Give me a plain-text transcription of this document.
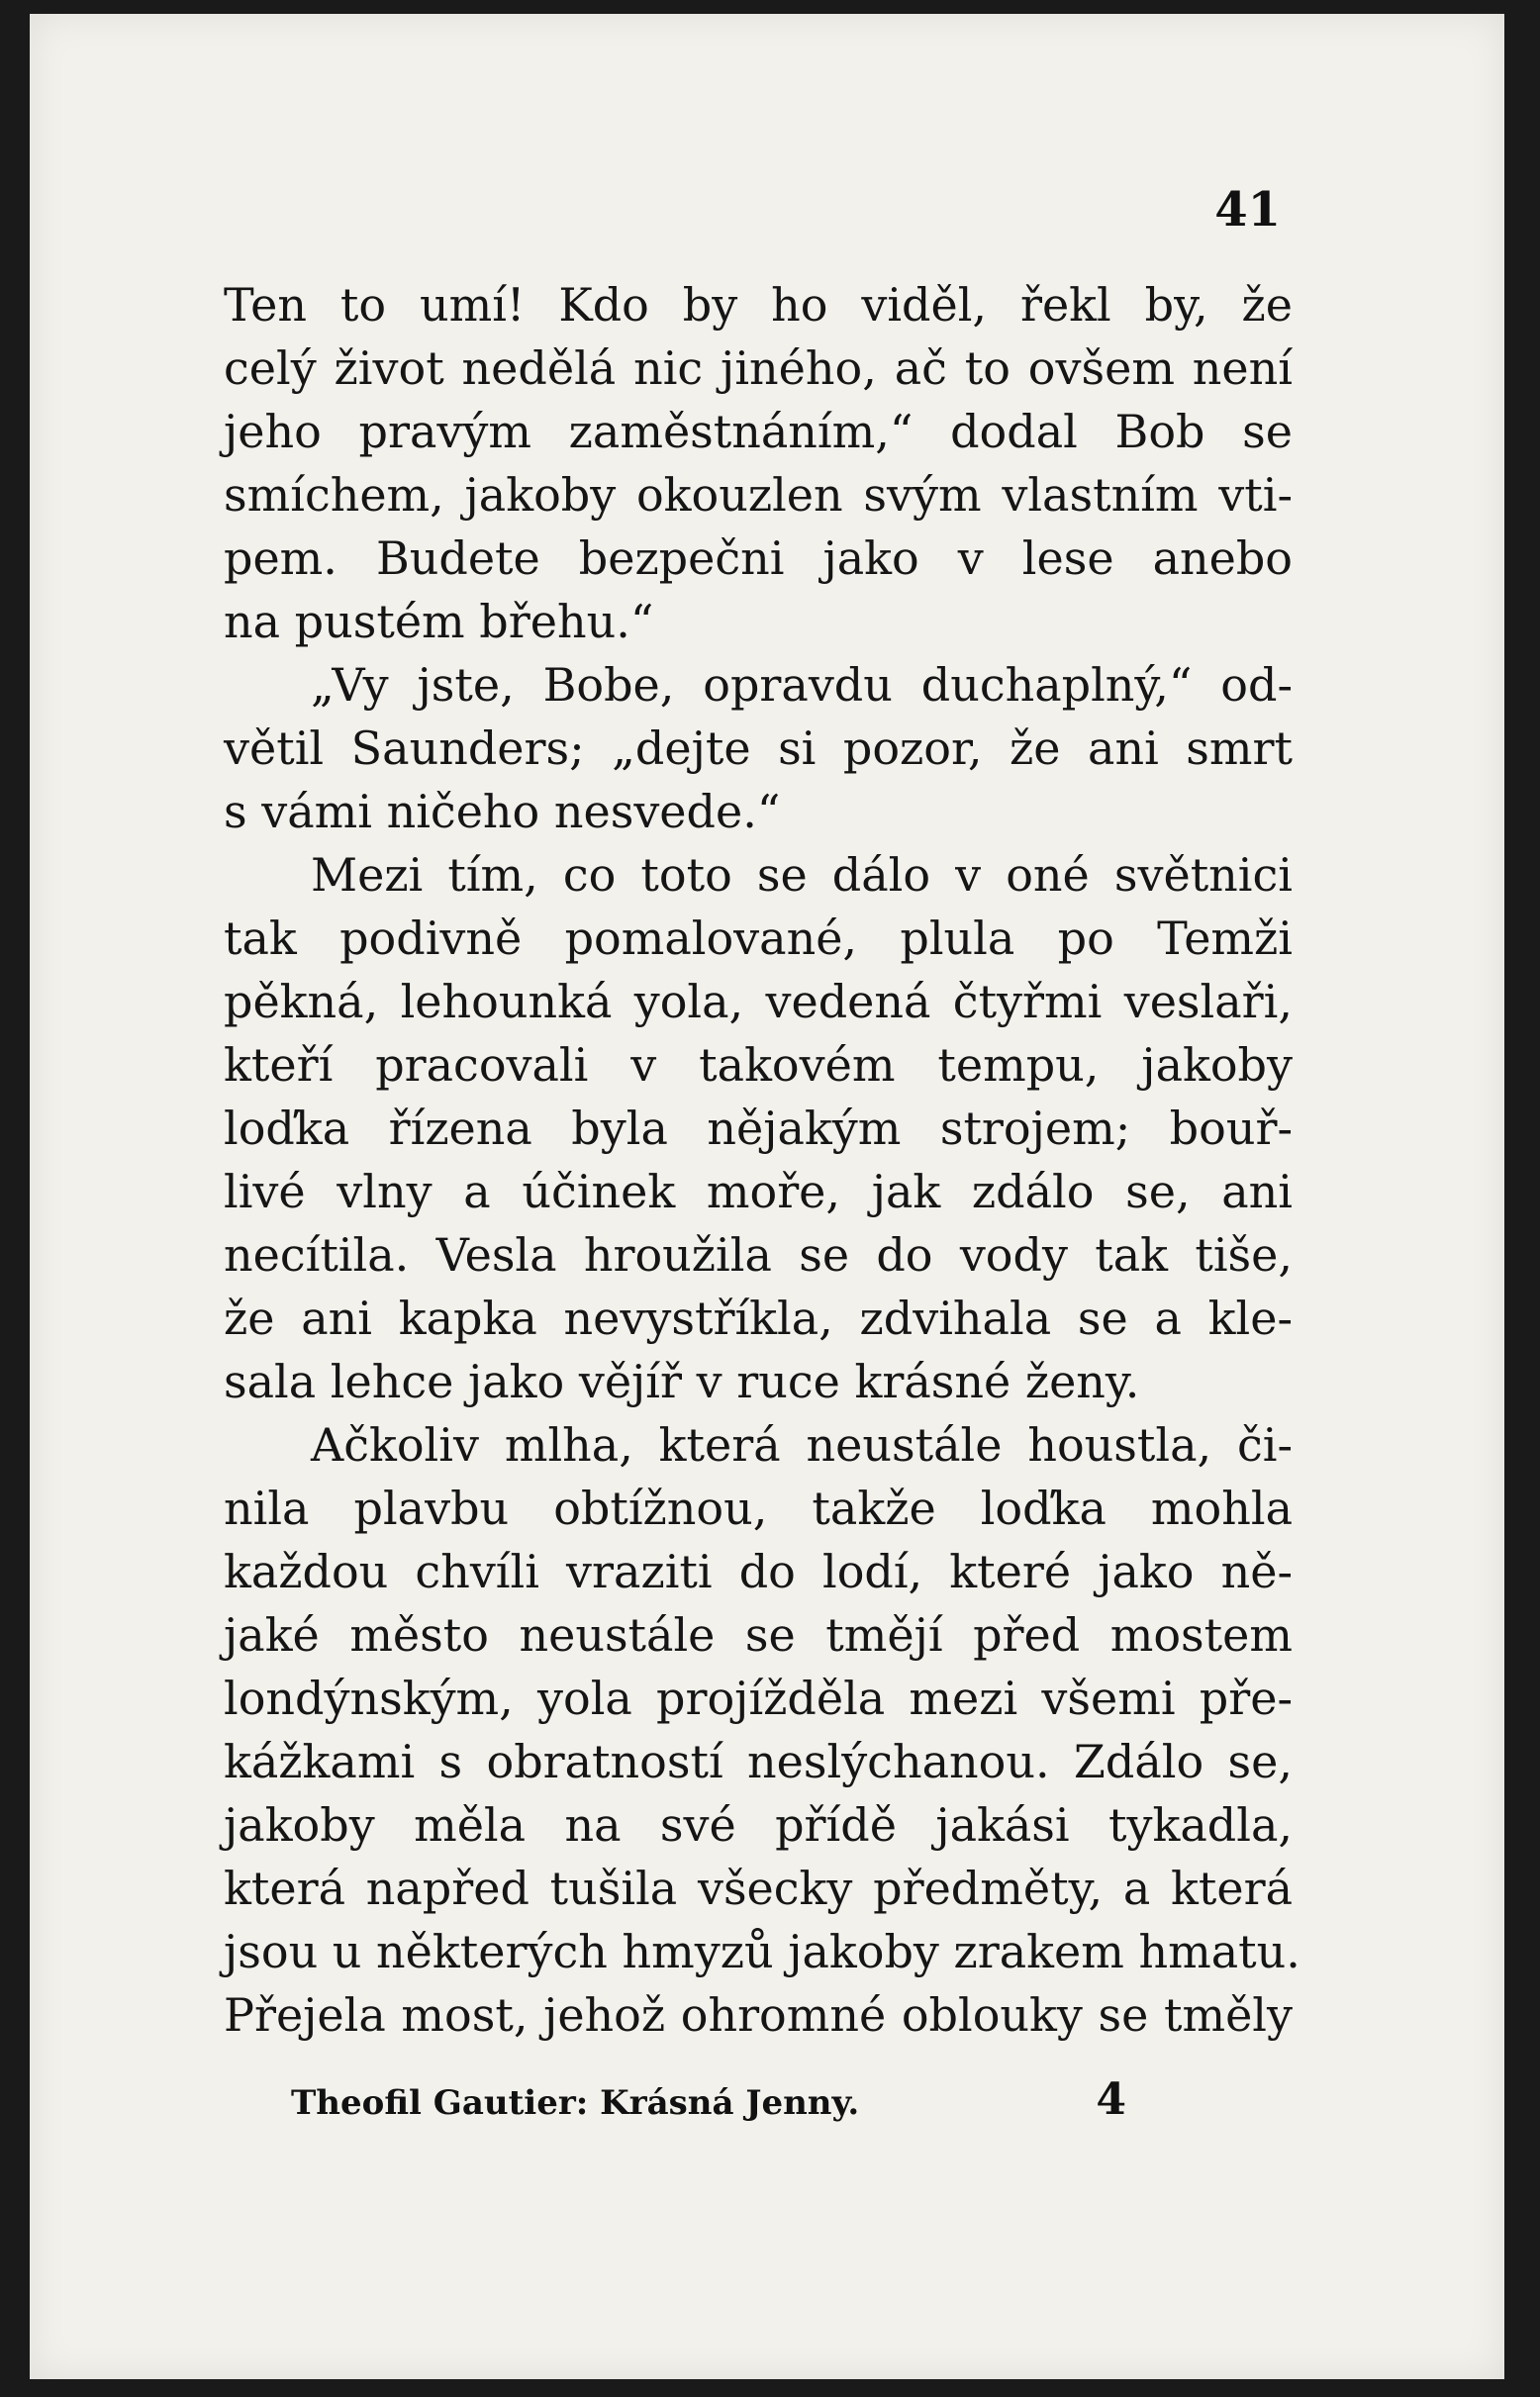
41
Ten to umí! Kdo by ho viděl, řekl by, že
celý život nedělá nic jiného, ač to ovšem není
jeho pravým zaměstnáním,“ dodal Bob se
smíchem, jakoby okouzlen svým vlastním vti-
pem. Budete bezpečni jako v lese anebo
na pustém břehu.“
„Vy jste, Bobe, opravdu duchaplný,“ od-
větil Saunders; „dejte si pozor, že ani smrt
s vámi ničeho nesvede.“
Mezi tím, co toto se dálo v oné světnici
tak podivně pomalované, plula po Temži
pěkná, lehounká yola, vedená čtyřmi veslaři,
kteří pracovali v takovém tempu, jakoby
loďka řízena byla nějakým strojem; bouř-
livé vlny a účinek moře, jak zdálo se, ani
necítila. Vesla hroužila se do vody tak tiše,
že ani kapka nevystříkla, zdvihala se a kle-
sala lehce jako vějíř v ruce krásné ženy.
Ačkoliv mlha, která neustále houstla, či-
nila plavbu obtížnou, takže loďka mohla
každou chvíli vraziti do lodí, které jako ně-
jaké město neustále se tmějí před mostem
londýnským, yola projížděla mezi všemi pře-
kážkami s obratností neslýchanou. Zdálo se,
jakoby měla na své přídě jakási tykadla,
která napřed tušila všecky předměty, a která
jsou u některých hmyzů jakoby zrakem hmatu.
Přejela most, jehož ohromné oblouky se tměly
Theofil Gautier: Krásná Jenny.	4
